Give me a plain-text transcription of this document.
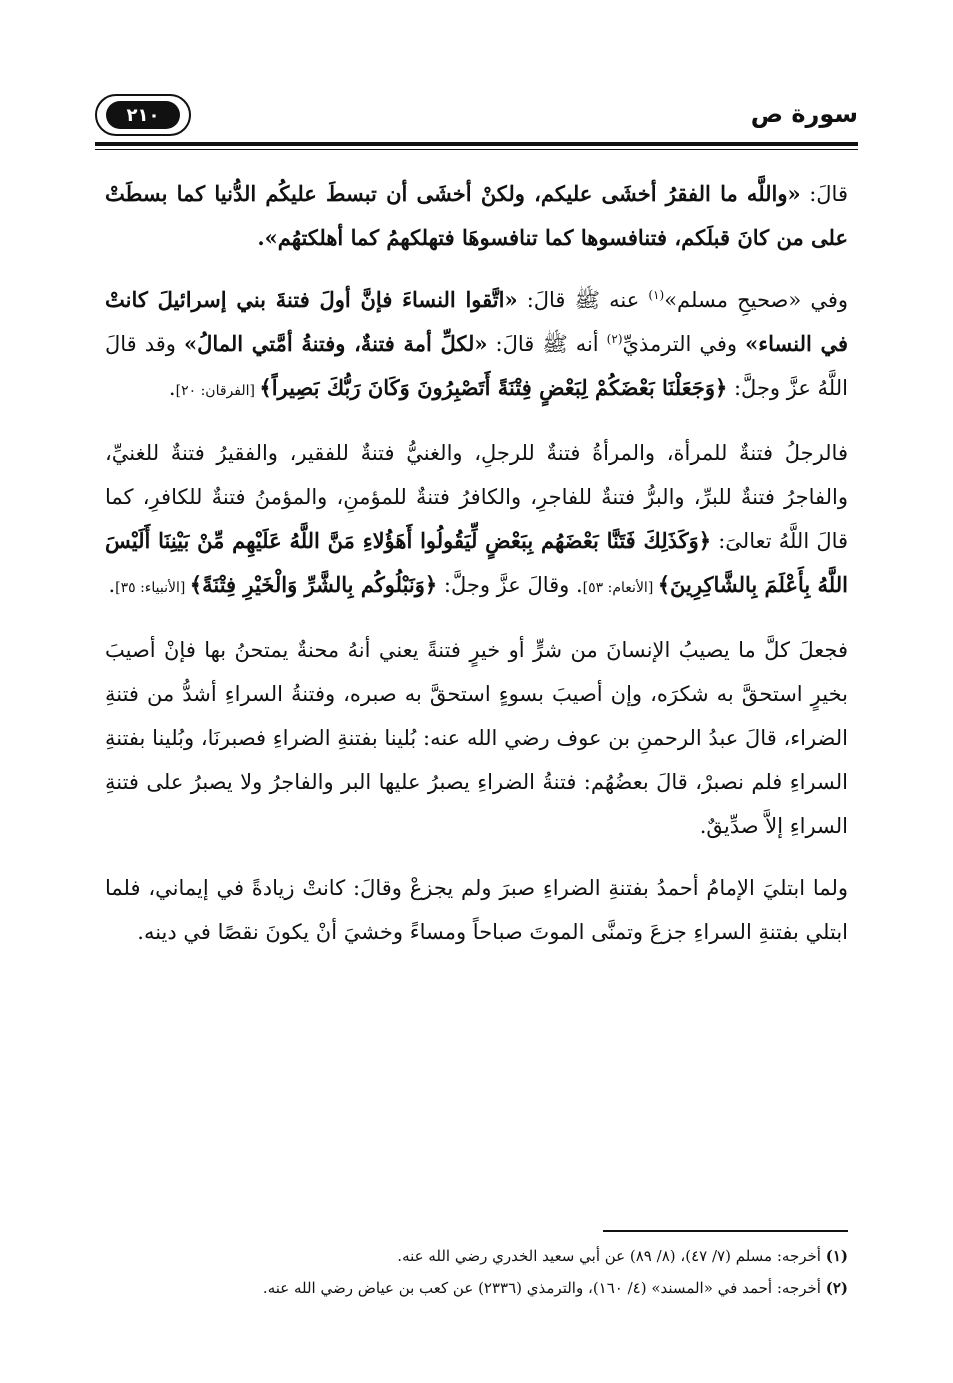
سورة ص
٢١٠

قالَ: «واللَّه ما الفقرُ أخشَى عليكم، ولكنْ أخشَى أن تبسطَ عليكُم الدُّنيا كما بسطَتْ على من كانَ قبلَكم، فتنافسوها كما تنافسوهَا فتهلكهمُ كما أهلكتهُم».

وفي «صحيحِ مسلم»$^{(١)}$ عنه ﷺ قالَ: «اتَّقوا النساءَ فإنَّ أولَ فتنةَ بني إسرائيلَ كانتْ في النساء» وفي الترمذيِّ$^{(٢)}$ أنه ﷺ قالَ: «لكلِّ أمة فتنةٌ، وفتنةُ أمَّتي المالُ» وقد قالَ اللَّهُ عزَّ وجلَّ: ﴿وَجَعَلْنَا بَعْضَكُمْ لِبَعْضٍ فِتْنَةً أَتَصْبِرُونَ وَكَانَ رَبُّكَ بَصِيراً﴾ [الفرقان: ٢٠].

فالرجلُ فتنةٌ للمرأة، والمرأةُ فتنةٌ للرجلِ، والغنيُّ فتنةٌ للفقير، والفقيرُ فتنةٌ للغنيِّ، والفاجرُ فتنةٌ للبرِّ، والبرُّ فتنةٌ للفاجرِ، والكافرُ فتنةٌ للمؤمنِ، والمؤمنُ فتنةٌ للكافرِ، كما قالَ اللَّهُ تعالىَ: ﴿وَكَذَلِكَ فَتَنَّا بَعْضَهُم بِبَعْضٍ لِّيَقُولُوا أَهَؤُلاءِ مَنَّ اللَّهُ عَلَيْهِم مِّنْ بَيْنِنَا أَلَيْسَ اللَّهُ بِأَعْلَمَ بِالشَّاكِرِينَ﴾ [الأنعام: ٥٣]. وقالَ عزَّ وجلَّ: ﴿وَنَبْلُوكُم بِالشَّرِّ وَالْخَيْرِ فِتْنَةً﴾ [الأنبياء: ٣٥].

فجعلَ كلَّ ما يصيبُ الإنسانَ من شرٍّ أو خيرٍ فتنةً يعني أنهُ محنةٌ يمتحنُ بها فإنْ أصيبَ بخيرٍ استحقَّ به شكرَه، وإن أصيبَ بسوءٍ استحقَّ به صبره، وفتنةُ السراءِ أشدُّ من فتنةِ الضراء، قالَ عبدُ الرحمنِ بن عوف رضي الله عنه: بُلينا بفتنةِ الضراءِ فصبرنَا، وبُلينا بفتنةِ السراءِ فلم نصبرْ، قالَ بعضُهُم: فتنةُ الضراءِ يصبرُ عليها البر والفاجرُ ولا يصبرُ على فتنةِ السراءِ إلاَّ صدِّيقٌ.

ولما ابتليَ الإمامُ أحمدُ بفتنةِ الضراءِ صبرَ ولم يجزعْ وقالَ: كانتْ زيادةً في إيماني، فلما ابتلي بفتنةِ السراءِ جزعَ وتمنَّى الموتَ صباحاً ومساءً وخشيَ أنْ يكونَ نقصًا في دينه.

(١) أخرجه: مسلم (٧/ ٤٧)، (٨/ ٨٩) عن أبي سعيد الخدري رضي الله عنه.
(٢) أخرجه: أحمد في «المسند» (٤/ ١٦٠)، والترمذي (٢٣٣٦) عن كعب بن عياض رضي الله عنه.
